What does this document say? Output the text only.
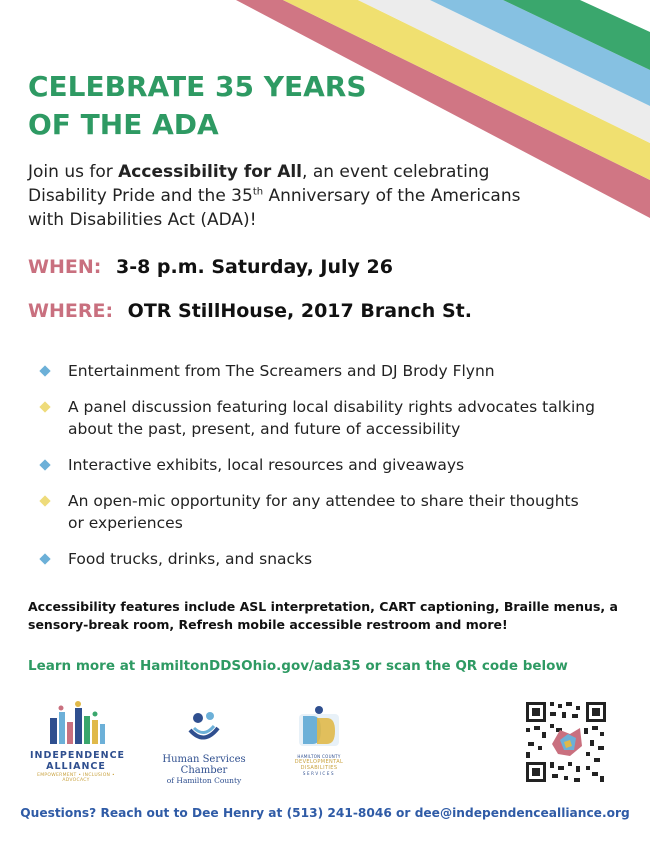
CELEBRATE 35 YEARS
OF THE ADA

Join us for Accessibility for All, an event celebrating Disability Pride and the 35th Anniversary of the Americans with Disabilities Act (ADA)!

WHEN: 3-8 p.m. Saturday, July 26
WHERE: OTR StillHouse, 2017 Branch St.
Entertainment from The Screamers and DJ Brody Flynn
A panel discussion featuring local disability rights advocates talking about the past, present, and future of accessibility
Interactive exhibits, local resources and giveaways
An open-mic opportunity for any attendee to share their thoughts or experiences
Food trucks, drinks, and snacks

Accessibility features include ASL interpretation, CART captioning, Braille menus, a sensory-break room, Refresh mobile accessible restroom and more!

Learn more at HamiltonDDSOhio.gov/ada35 or scan the QR code below

INDEPENDENCE
ALLIANCE
EMPOWERMENT • INCLUSION • ADVOCACY
Human Services Chamber
of Hamilton County
HAMILTON COUNTY
DEVELOPMENTAL DISABILITIES
SERVICES

Questions? Reach out to Dee Henry at (513) 241-8046 or dee@independencealliance.org
